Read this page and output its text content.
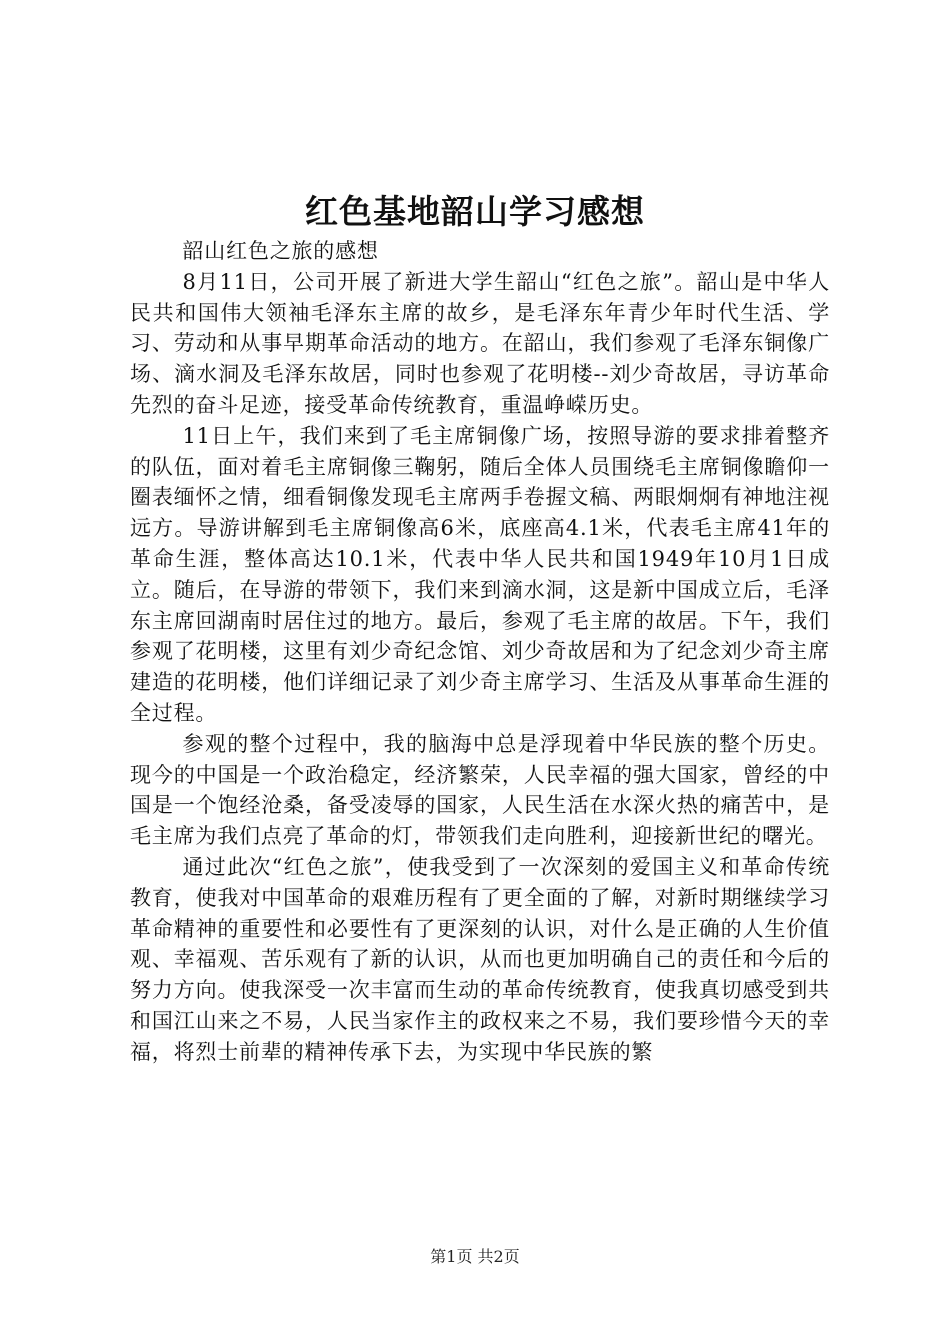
红色基地韶山学习感想

韶山红色之旅的感想

8月11日，公司开展了新进大学生韶山“红色之旅”。韶山是中华人民共和国伟大领袖毛泽东主席的故乡，是毛泽东年青少年时代生活、学习、劳动和从事早期革命活动的地方。在韶山，我们参观了毛泽东铜像广场、滴水洞及毛泽东故居，同时也参观了花明楼--刘少奇故居，寻访革命先烈的奋斗足迹，接受革命传统教育，重温峥嵘历史。

11日上午，我们来到了毛主席铜像广场，按照导游的要求排着整齐的队伍，面对着毛主席铜像三鞠躬，随后全体人员围绕毛主席铜像瞻仰一圈表缅怀之情，细看铜像发现毛主席两手卷握文稿、两眼炯炯有神地注视远方。导游讲解到毛主席铜像高6米，底座高4.1米，代表毛主席41年的革命生涯，整体高达10.1米，代表中华人民共和国1949年10月1日成立。随后，在导游的带领下，我们来到滴水洞，这是新中国成立后，毛泽东主席回湖南时居住过的地方。最后，参观了毛主席的故居。下午，我们参观了花明楼，这里有刘少奇纪念馆、刘少奇故居和为了纪念刘少奇主席建造的花明楼，他们详细记录了刘少奇主席学习、生活及从事革命生涯的全过程。

参观的整个过程中，我的脑海中总是浮现着中华民族的整个历史。现今的中国是一个政治稳定，经济繁荣，人民幸福的强大国家，曾经的中国是一个饱经沧桑，备受凌辱的国家，人民生活在水深火热的痛苦中，是毛主席为我们点亮了革命的灯，带领我们走向胜利，迎接新世纪的曙光。

通过此次“红色之旅”，使我受到了一次深刻的爱国主义和革命传统教育，使我对中国革命的艰难历程有了更全面的了解，对新时期继续学习革命精神的重要性和必要性有了更深刻的认识，对什么是正确的人生价值观、幸福观、苦乐观有了新的认识，从而也更加明确自己的责任和今后的努力方向。使我深受一次丰富而生动的革命传统教育，使我真切感受到共和国江山来之不易，人民当家作主的政权来之不易，我们要珍惜今天的幸福，将烈士前辈的精神传承下去，为实现中华民族的繁

第1页 共2页
